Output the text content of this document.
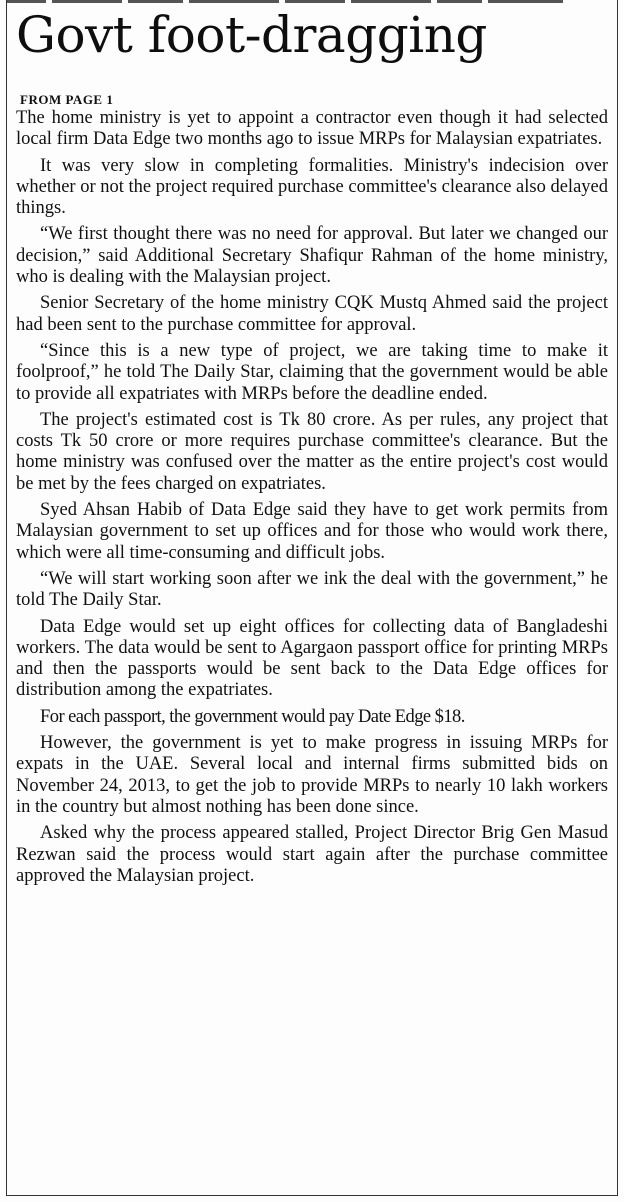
Govt foot-dragging
FROM PAGE 1

The home ministry is yet to appoint a contractor even though it had selected local firm Data Edge two months ago to issue MRPs for Malaysian expatriates.

It was very slow in completing formalities. Ministry's indecision over whether or not the project required purchase committee's clearance also delayed things.

“We first thought there was no need for approval. But later we changed our decision,” said Additional Secretary Shafiqur Rahman of the home ministry, who is dealing with the Malaysian project.

Senior Secretary of the home ministry CQK Mustq Ahmed said the project had been sent to the purchase committee for approval.

“Since this is a new type of project, we are taking time to make it foolproof,” he told The Daily Star, claiming that the government would be able to provide all expatriates with MRPs before the deadline ended.

The project's estimated cost is Tk 80 crore. As per rules, any project that costs Tk 50 crore or more requires purchase committee's clearance. But the home ministry was confused over the matter as the entire project's cost would be met by the fees charged on expatriates.

Syed Ahsan Habib of Data Edge said they have to get work permits from Malaysian government to set up offices and for those who would work there, which were all time-consuming and difficult jobs.

“We will start working soon after we ink the deal with the government,” he told The Daily Star.

Data Edge would set up eight offices for collecting data of Bangladeshi workers. The data would be sent to Agargaon passport office for printing MRPs and then the passports would be sent back to the Data Edge offices for distribution among the expatriates.

For each passport, the government would pay Date Edge $18.

However, the government is yet to make progress in issuing MRPs for expats in the UAE. Several local and internal firms submitted bids on November 24, 2013, to get the job to provide MRPs to nearly 10 lakh workers in the country but almost nothing has been done since.

Asked why the process appeared stalled, Project Director Brig Gen Masud Rezwan said the process would start again after the purchase committee approved the Malaysian project.
